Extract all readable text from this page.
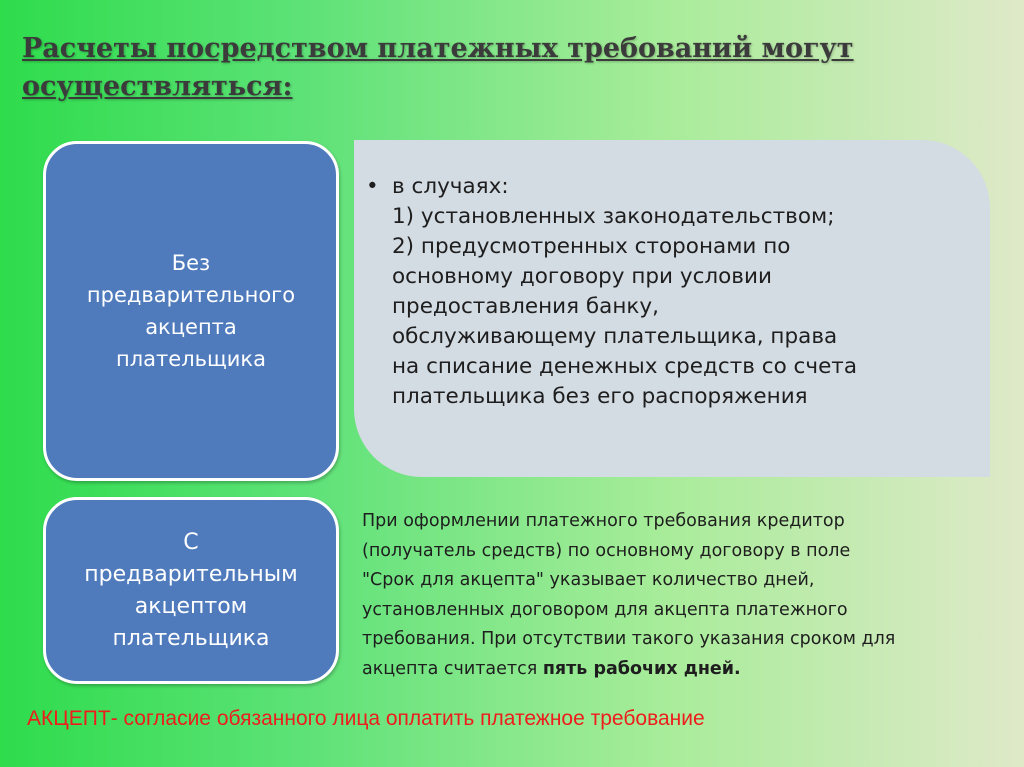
Расчеты посредством платежных требований могут осуществляться:
Без
предварительного
акцепта
плательщика
• в случаях:
1) установленных законодательством;
2) предусмотренных сторонами по
основному договору при условии
предоставления банку,
обслуживающему плательщика, права
на списание денежных средств со счета
плательщика без его распоряжения
С
предварительным
акцептом
плательщика
При оформлении платежного требования кредитор
(получатель средств) по основному договору в поле
"Срок для акцепта" указывает количество дней,
установленных договором для акцепта платежного
требования. При отсутствии такого указания сроком для
акцепта считается пять рабочих дней.
АКЦЕПТ- согласие обязанного лица оплатить платежное требование
